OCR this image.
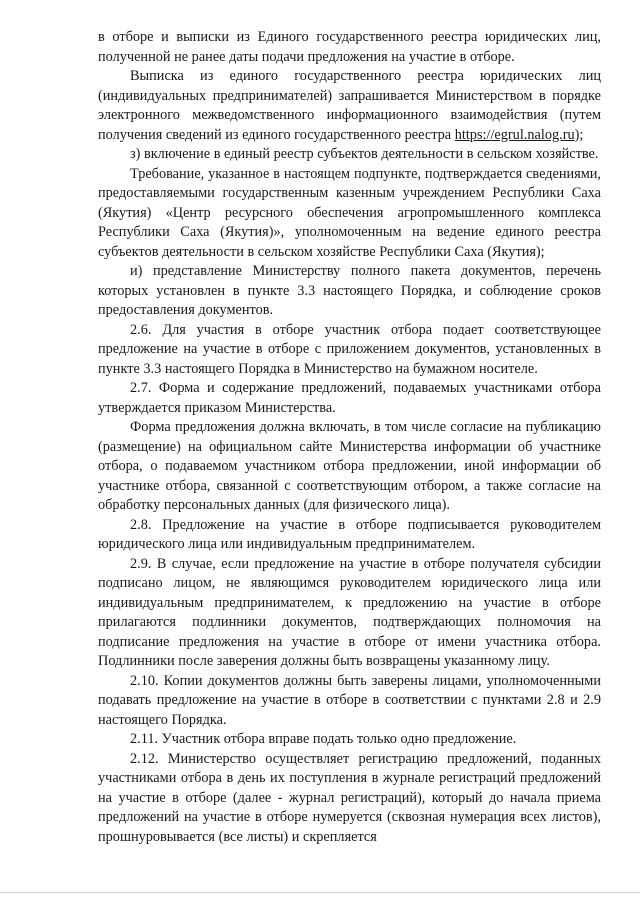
в отборе и выписки из Единого государственного реестра юридических лиц, полученной не ранее даты подачи предложения на участие в отборе.

Выписка из единого государственного реестра юридических лиц (индивидуальных предпринимателей) запрашивается Министерством в порядке электронного межведомственного информационного взаимодействия (путем получения сведений из единого государственного реестра https://egrul.nalog.ru);

з) включение в единый реестр субъектов деятельности в сельском хозяйстве.

Требование, указанное в настоящем подпункте, подтверждается сведениями, предоставляемыми государственным казенным учреждением Республики Саха (Якутия) «Центр ресурсного обеспечения агропромышленного комплекса Республики Саха (Якутия)», уполномоченным на ведение единого реестра субъектов деятельности в сельском хозяйстве Республики Саха (Якутия);

и) представление Министерству полного пакета документов, перечень которых установлен в пункте 3.3 настоящего Порядка, и соблюдение сроков предоставления документов.

2.6. Для участия в отборе участник отбора подает соответствующее предложение на участие в отборе с приложением документов, установленных в пункте 3.3 настоящего Порядка в Министерство на бумажном носителе.

2.7. Форма и содержание предложений, подаваемых участниками отбора утверждается приказом Министерства.

Форма предложения должна включать, в том числе согласие на публикацию (размещение) на официальном сайте Министерства информации об участнике отбора, о подаваемом участником отбора предложении, иной информации об участнике отбора, связанной с соответствующим отбором, а также согласие на обработку персональных данных (для физического лица).

2.8. Предложение на участие в отборе подписывается руководителем юридического лица или индивидуальным предпринимателем.

2.9. В случае, если предложение на участие в отборе получателя субсидии подписано лицом, не являющимся руководителем юридического лица или индивидуальным предпринимателем, к предложению на участие в отборе прилагаются подлинники документов, подтверждающих полномочия на подписание предложения на участие в отборе от имени участника отбора. Подлинники после заверения должны быть возвращены указанному лицу.

2.10. Копии документов должны быть заверены лицами, уполномоченными подавать предложение на участие в отборе в соответствии с пунктами 2.8 и 2.9 настоящего Порядка.

2.11. Участник отбора вправе подать только одно предложение.

2.12. Министерство осуществляет регистрацию предложений, поданных участниками отбора в день их поступления в журнале регистраций предложений на участие в отборе (далее - журнал регистраций), который до начала приема предложений на участие в отборе нумеруется (сквозная нумерация всех листов), прошнуровывается (все листы) и скрепляется
